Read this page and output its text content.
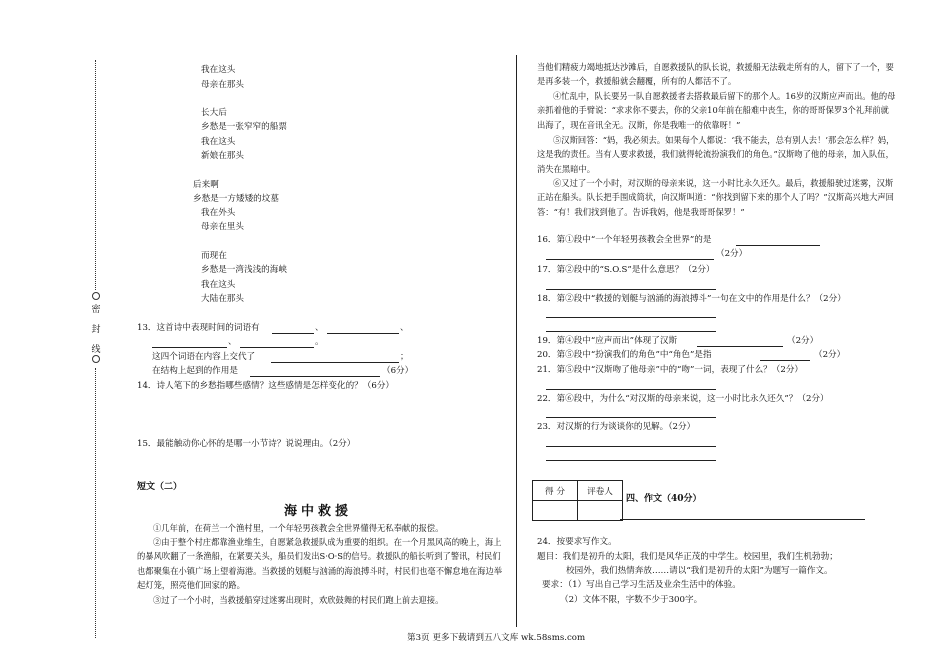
密
封
线
我在这头
母亲在那头
长大后
乡愁是一张窄窄的船票
我在这头
新娘在那头
后来啊
乡愁是一方矮矮的坟墓
我在外头
母亲在里头
而现在
乡愁是一湾浅浅的海峡
我在这头
大陆在那头
13．这首诗中表现时间的词语有	、	、
、	。
这四个词语在内容上交代了	；
在结构上起到的作用是	（6分）
14．诗人笔下的乡愁指哪些感情？这些感情是怎样变化的？（6分）
15．最能触动你心怀的是哪一小节诗？说说理由。（2分）
短文（二）
海中救援
①几年前，在荷兰一个渔村里，一个年轻男孩教会全世界懂得无私奉献的报偿。
②由于整个村庄都靠渔业维生，自愿紧急救援队成为重要的组织。在一个月黑风高的晚上，海上的暴风吹翻了一条渔船，在紧要关头，船员们发出S·O·S的信号。救援队的船长听到了警讯，村民们也都聚集在小镇广场上望着海港。当救援的划艇与汹涌的海浪搏斗时，村民们也毫不懈怠地在海边举起灯笼，照亮他们回家的路。
③过了一个小时，当救援船穿过迷雾出现时，欢欣鼓舞的村民们跑上前去迎接。
当他们精疲力竭地抵达沙滩后，自愿救援队的队长说，救援船无法载走所有的人，留下了一个，要是再多装一个，救援船就会翻覆，所有的人都活不了。
④忙乱中，队长要另一队自愿救援者去搭救最后留下的那个人。16岁的汉斯应声而出。他的母亲抓着他的手臂说：“求求你不要去，你的父亲10年前在船难中丧生，你的哥哥保罗3个礼拜前就出海了，现在音讯全无。汉斯，你是我唯一的依靠呀！”
⑤汉斯回答：“妈，我必须去。如果每个人都说：‘我不能去，总有别人去！’那会怎么样？妈，这是我的责任。当有人要求救援，我们就得轮流扮演我们的角色。”汉斯吻了他的母亲，加入队伍，消失在黑暗中。
⑥又过了一个小时，对汉斯的母亲来说，这一小时比永久还久。最后，救援船驶过迷雾，汉斯正站在船头。队长把手围成筒状，向汉斯叫道：“你找到留下来的那个人了吗？”汉斯高兴地大声回答：“有！我们找到他了。告诉我妈，他是我哥哥保罗！”
16．第①段中“一个年轻男孩教会全世界”的是
（2分）
17．第②段中的“S.O.S”是什么意思？（2分）
18．第②段中“救援的划艇与汹涌的海浪搏斗”一句在文中的作用是什么？（2分）
19．第④段中“应声而出”体现了汉斯	（2分）
20．第⑤段中“扮演我们的角色”中“角色”是指	（2分）
21．第⑤段中“汉斯吻了他母亲”中的“吻”一词，表现了什么？（2分）
22．第⑥段中，为什么“对汉斯的母亲来说，这一小时比永久还久”？（2分）
23．对汉斯的行为谈谈你的见解。（2分）
得 分	评卷人

四、作文（40分）
24．按要求写作文。
题目：我们是初升的太阳，我们是风华正茂的中学生。校园里，我们生机勃勃；
校园外，我们热情奔放……请以“我们是初升的太阳”为题写一篇作文。
要求：（1）写出自己学习生活及业余生活中的体验。
（2）文体不限，字数不少于300字。
第3页 更多下载请到五八文库 wk.58sms.com
